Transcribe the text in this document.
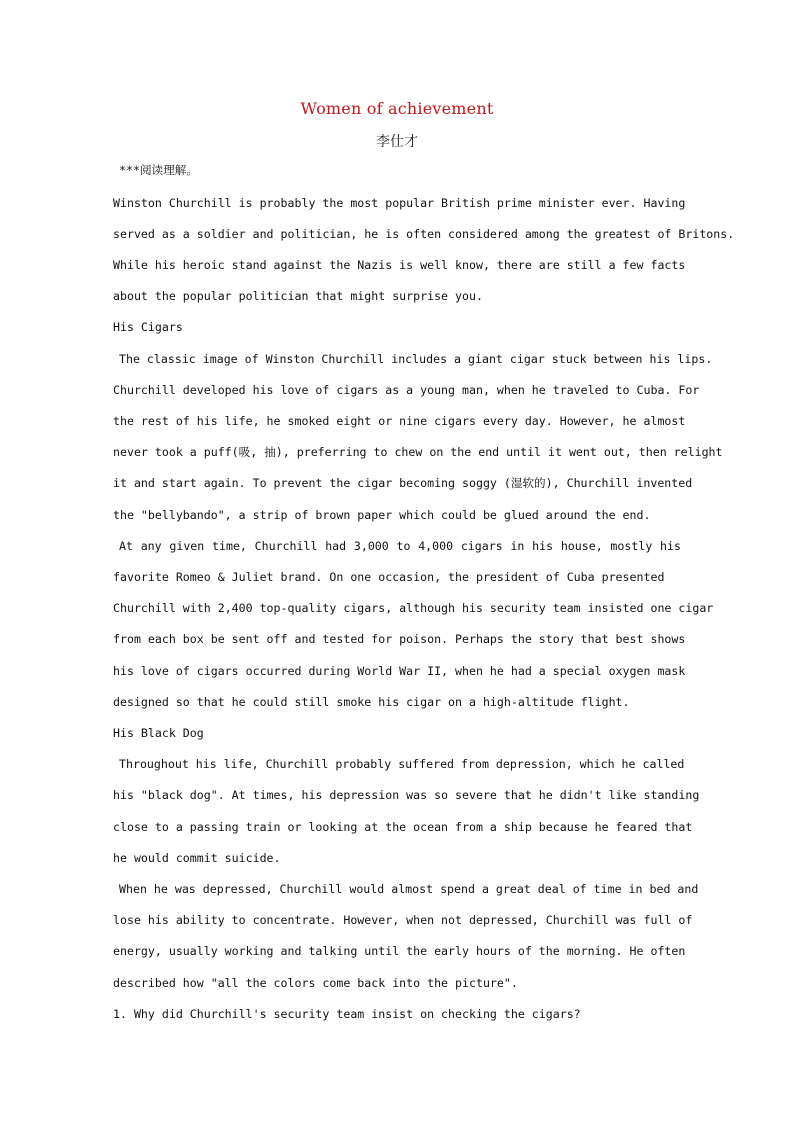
Women of achievement
李仕才
***阅读理解。
Winston Churchill is probably the most popular British prime minister ever. Having
served as a soldier and politician, he is often considered among the greatest of Britons.
While his heroic stand against the Nazis is well know, there are still a few facts
about the popular politician that might surprise you.
His Cigars
The classic image of Winston Churchill includes a giant cigar stuck between his lips.
Churchill developed his love of cigars as a young man, when he traveled to Cuba. For
the rest of his life, he smoked eight or nine cigars every day. However, he almost
never took a puff(吸, 抽), preferring to chew on the end until it went out, then relight
it and start again. To prevent the cigar becoming soggy (湿软的), Churchill invented
the "bellybando", a strip of brown paper which could be glued around the end.
At any given time, Churchill had 3,000 to 4,000 cigars in his house, mostly his
favorite Romeo & Juliet brand. On one occasion, the president of Cuba presented
Churchill with 2,400 top-quality cigars, although his security team insisted one cigar
from each box be sent off and tested for poison. Perhaps the story that best shows
his love of cigars occurred during World War II, when he had a special oxygen mask
designed so that he could still smoke his cigar on a high-altitude flight.
His Black Dog
Throughout his life, Churchill probably suffered from depression, which he called
his "black dog". At times, his depression was so severe that he didn't like standing
close to a passing train or looking at the ocean from a ship because he feared that
he would commit suicide.
When he was depressed, Churchill would almost spend a great deal of time in bed and
lose his ability to concentrate. However, when not depressed, Churchill was full of
energy, usually working and talking until the early hours of the morning. He often
described how "all the colors come back into the picture".
1. Why did Churchill's security team insist on checking the cigars?
